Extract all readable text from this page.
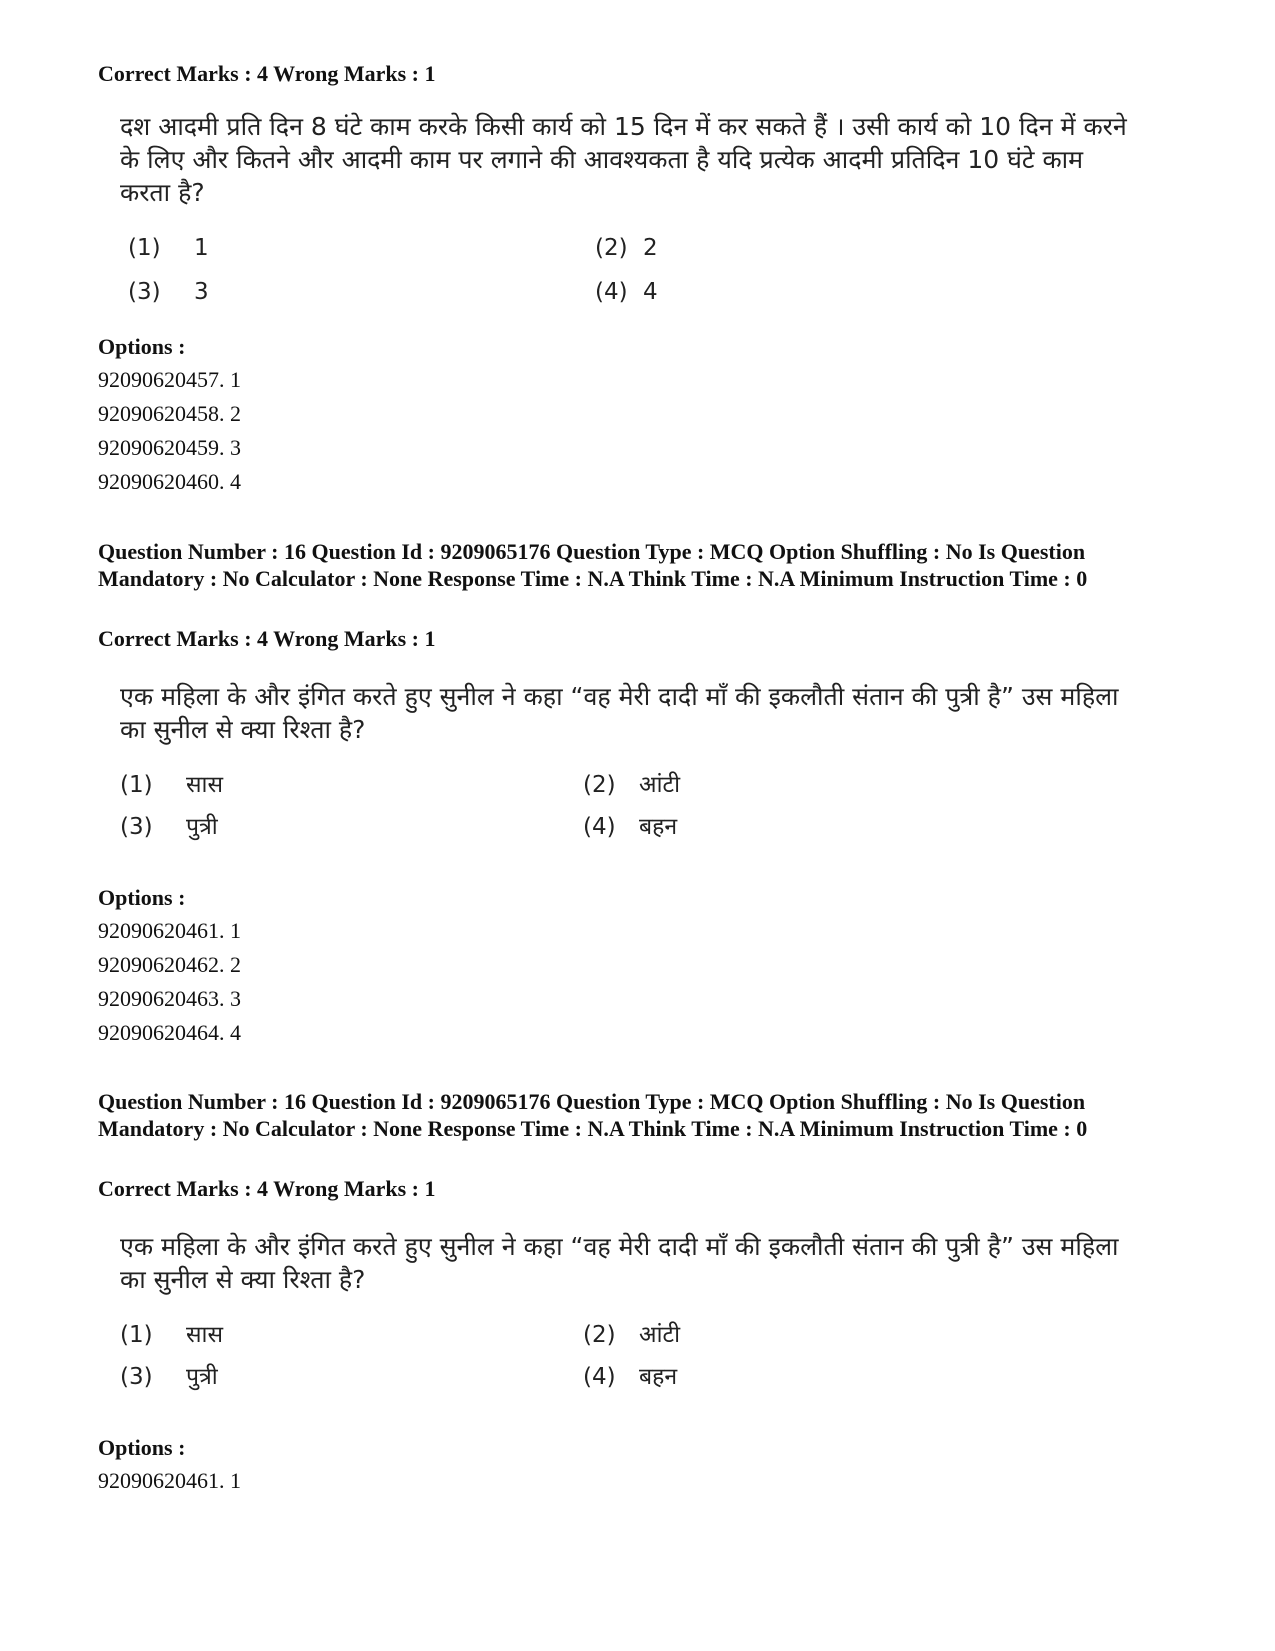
Correct Marks : 4 Wrong Marks : 1
दश आदमी प्रति दिन 8 घंटे काम करके किसी कार्य को 15 दिन में कर सकते हैं । उसी कार्य को 10 दिन में करने के लिए और कितने और आदमी काम पर लगाने की आवश्यकता है यदि प्रत्येक आदमी प्रतिदिन 10 घंटे काम करता है?
(1) 1	(2) 2
(3) 3	(4) 4
Options :
92090620457. 1
92090620458. 2
92090620459. 3
92090620460. 4
Question Number : 16 Question Id : 9209065176 Question Type : MCQ Option Shuffling : No Is Question Mandatory : No Calculator : None Response Time : N.A Think Time : N.A Minimum Instruction Time : 0
Correct Marks : 4 Wrong Marks : 1
एक महिला के और इंगित करते हुए सुनील ने कहा “वह मेरी दादी माँ की इकलौती संतान की पुत्री है” उस महिला का सुनील से क्या रिश्ता है?
(1) सास	(2) आंटी
(3) पुत्री	(4) बहन
Options :
92090620461. 1
92090620462. 2
92090620463. 3
92090620464. 4
Question Number : 16 Question Id : 9209065176 Question Type : MCQ Option Shuffling : No Is Question Mandatory : No Calculator : None Response Time : N.A Think Time : N.A Minimum Instruction Time : 0
Correct Marks : 4 Wrong Marks : 1
एक महिला के और इंगित करते हुए सुनील ने कहा “वह मेरी दादी माँ की इकलौती संतान की पुत्री है” उस महिला का सुनील से क्या रिश्ता है?
(1) सास	(2) आंटी
(3) पुत्री	(4) बहन
Options :
92090620461. 1
